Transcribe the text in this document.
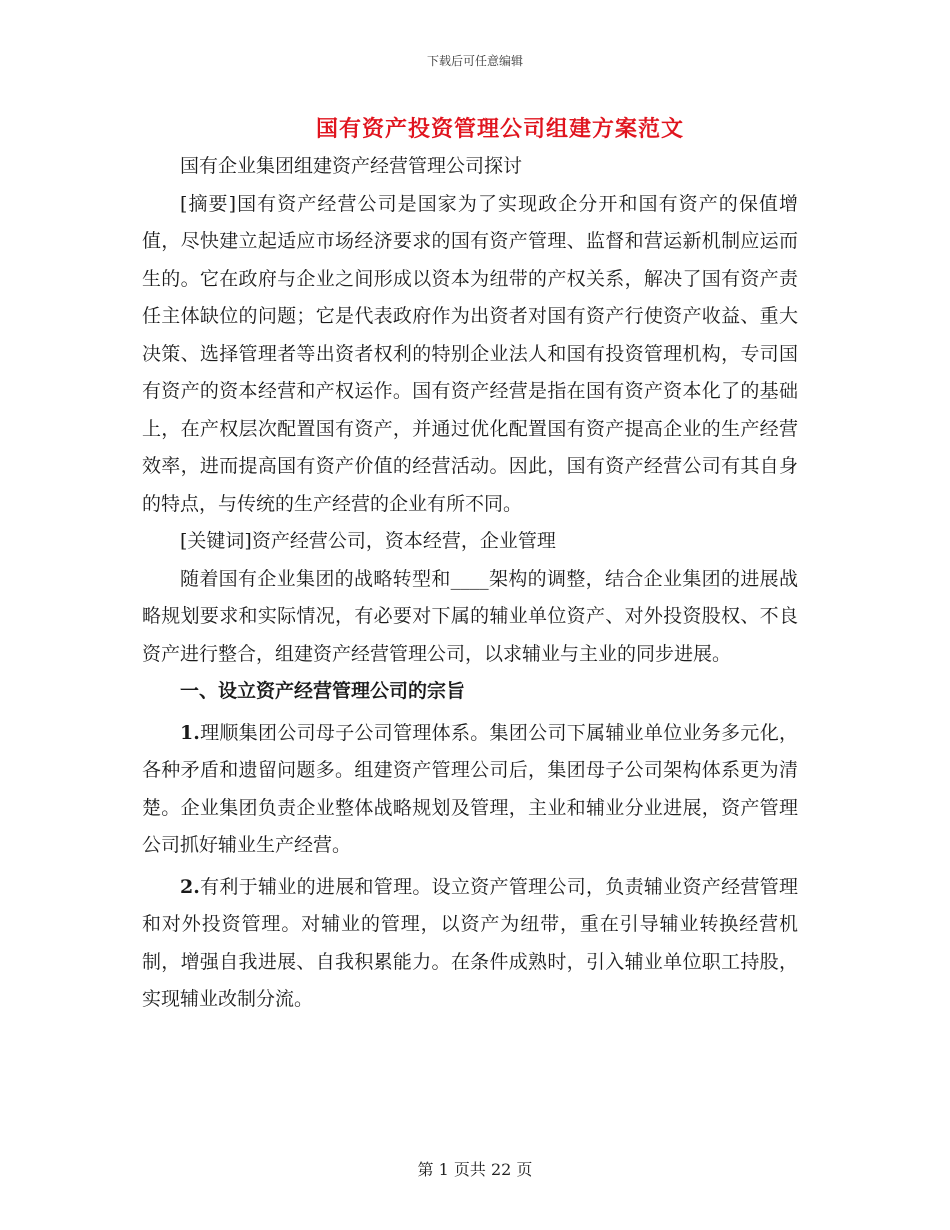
下载后可任意编辑
国有资产投资管理公司组建方案范文

国有企业集团组建资产经营管理公司探讨

[摘要]国有资产经营公司是国家为了实现政企分开和国有资产的保值增值，尽快建立起适应市场经济要求的国有资产管理、监督和营运新机制应运而生的。它在政府与企业之间形成以资本为纽带的产权关系，解决了国有资产责任主体缺位的问题；它是代表政府作为出资者对国有资产行使资产收益、重大决策、选择管理者等出资者权利的特别企业法人和国有投资管理机构，专司国有资产的资本经营和产权运作。国有资产经营是指在国有资产资本化了的基础上，在产权层次配置国有资产，并通过优化配置国有资产提高企业的生产经营效率，进而提高国有资产价值的经营活动。因此，国有资产经营公司有其自身的特点，与传统的生产经营的企业有所不同。

[关键词]资产经营公司，资本经营，企业管理

随着国有企业集团的战略转型和____架构的调整，结合企业集团的进展战略规划要求和实际情况，有必要对下属的辅业单位资产、对外投资股权、不良资产进行整合，组建资产经营管理公司，以求辅业与主业的同步进展。

一、设立资产经营管理公司的宗旨

1.理顺集团公司母子公司管理体系。集团公司下属辅业单位业务多元化，各种矛盾和遗留问题多。组建资产管理公司后，集团母子公司架构体系更为清楚。企业集团负责企业整体战略规划及管理，主业和辅业分业进展，资产管理公司抓好辅业生产经营。

2.有利于辅业的进展和管理。设立资产管理公司，负责辅业资产经营管理和对外投资管理。对辅业的管理，以资产为纽带，重在引导辅业转换经营机制，增强自我进展、自我积累能力。在条件成熟时，引入辅业单位职工持股，实现辅业改制分流。

第 1 页共 22 页
